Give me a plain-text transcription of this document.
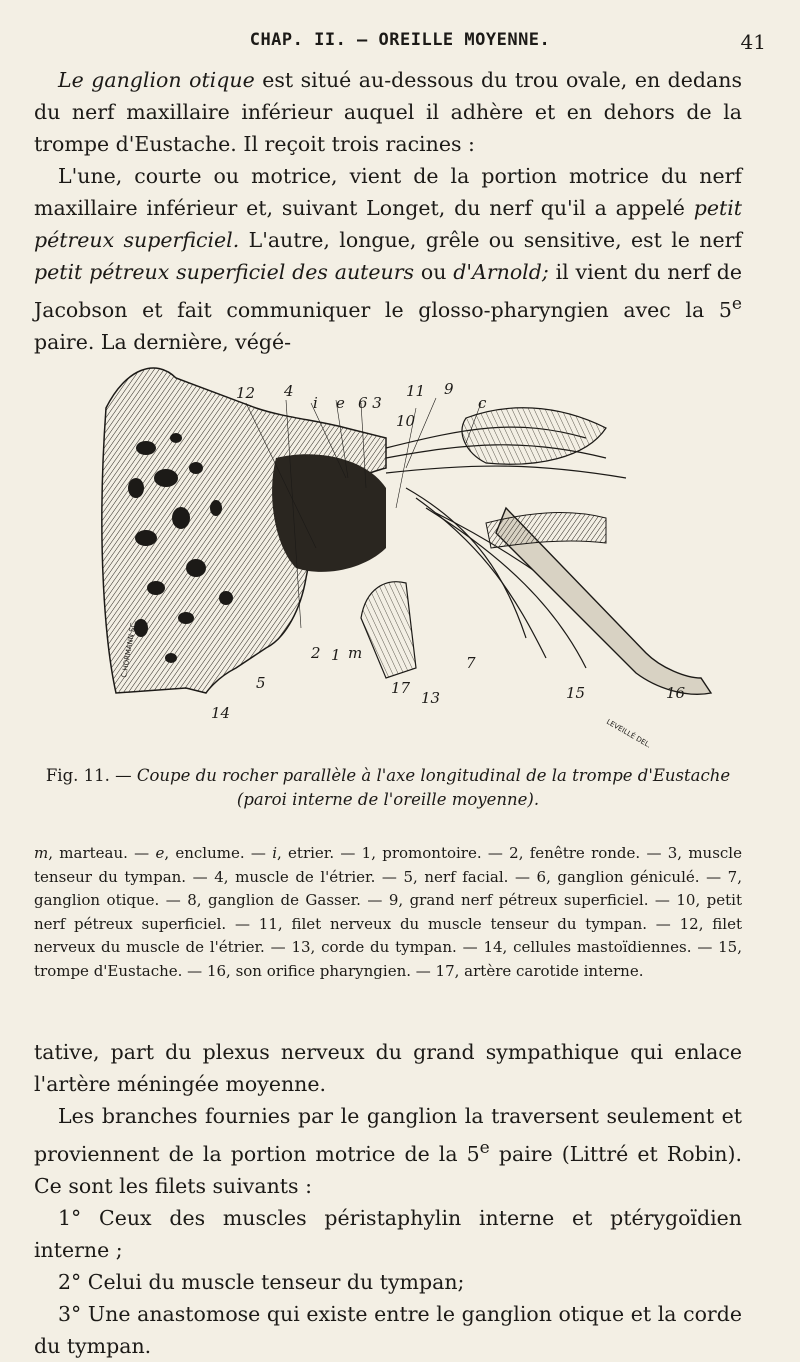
CHAP. II. — OREILLE MOYENNE.	41

Le ganglion otique est situé au-dessous du trou ovale, en dedans du nerf maxillaire inférieur auquel il adhère et en dehors de la trompe d'Eustache. Il reçoit trois racines :

L'une, courte ou motrice, vient de la portion motrice du nerf maxillaire inférieur et, suivant Longet, du nerf qu'il a appelé petit pétreux superficiel. L'autre, longue, grêle ou sensitive, est le nerf petit pétreux superficiel des auteurs ou d'Arnold; il vient du nerf de Jacobson et fait communiquer le glosso-pharyngien avec la 5e paire. La dernière, végé-

12 4
i e 6 3
11 9
c
10
2 1 m
17
13
7
5
15	16
14
C.HORMANN SC.
LEVEILLÉ DEL.
Fig. 11. — Coupe du rocher parallèle à l'axe longitudinal de la trompe d'Eustache
(paroi interne de l'oreille moyenne).
m, marteau. — e, enclume. — i, etrier. — 1, promontoire. — 2, fenêtre ronde. — 3, muscle tenseur du tympan. — 4, muscle de l'étrier. — 5, nerf facial. — 6, ganglion géniculé. — 7, ganglion otique. — 8, ganglion de Gasser. — 9, grand nerf pétreux superficiel. — 10, petit nerf pétreux superficiel. — 11, filet nerveux du muscle tenseur du tympan. — 12, filet nerveux du muscle de l'étrier. — 13, corde du tympan. — 14, cellules mastoïdiennes. — 15, trompe d'Eustache. — 16, son orifice pharyngien. — 17, artère carotide interne.

tative, part du plexus nerveux du grand sympathique qui enlace l'artère méningée moyenne.

Les branches fournies par le ganglion la traversent seulement et proviennent de la portion motrice de la 5e paire (Littré et Robin). Ce sont les filets suivants :

1° Ceux des muscles péristaphylin interne et ptérygoïdien interne ;

2° Celui du muscle tenseur du tympan;

3° Une anastomose qui existe entre le ganglion otique et la corde du tympan.
